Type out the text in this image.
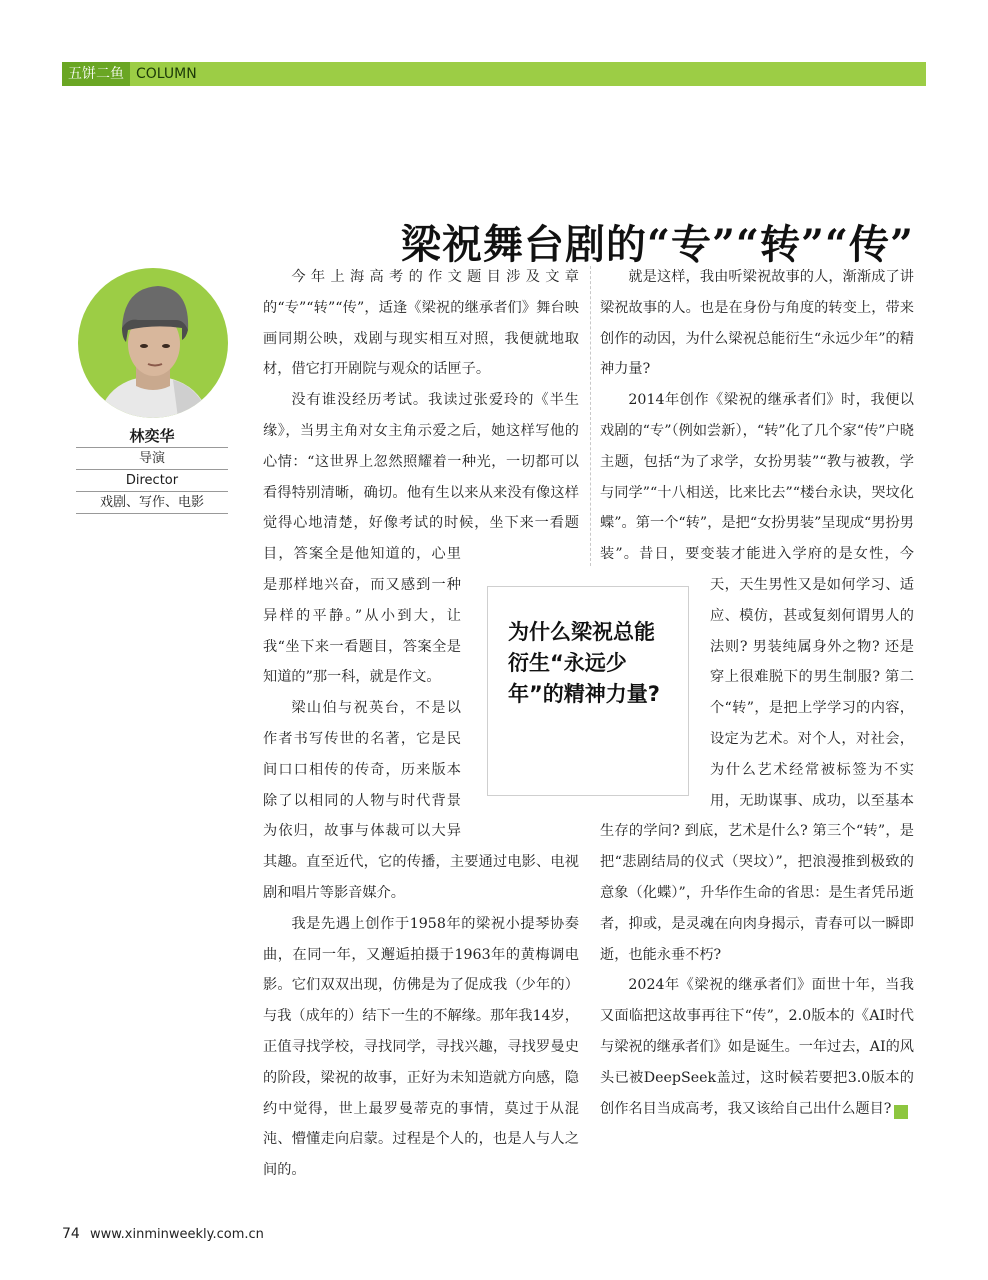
五饼二鱼 COLUMN
梁祝舞台剧的“专”“转”“传”
林奕华
导演
Director
戏剧、写作、电影

今年上海高考的作文题目涉及文章的“专”“转”“传”，适逢《梁祝的继承者们》舞台映画同期公映，戏剧与现实相互对照，我便就地取材，借它打开剧院与观众的话匣子。

没有谁没经历考试。我读过张爱玲的《半生缘》，当男主角对女主角示爱之后，她这样写他的心情：“这世界上忽然照耀着一种光，一切都可以看得特别清晰，确切。他有生以来从来没有像这样觉得心地清楚，好像考试的时候，坐下来一看题目，答案全是他知道的，心里是那样地兴奋，而又感到一种异样的平静。”从小到大，让我“坐下来一看题目，答案全是知道的”那一科，就是作文。

梁山伯与祝英台，不是以作者书写传世的名著，它是民间口口相传的传奇，历来版本除了以相同的人物与时代背景为依归，故事与体裁可以大异其趣。直至近代，它的传播，主要通过电影、电视剧和唱片等影音媒介。

我是先遇上创作于1958年的梁祝小提琴协奏曲，在同一年，又邂逅拍摄于1963年的黄梅调电影。它们双双出现，仿佛是为了促成我（少年的）与我（成年的）结下一生的不解缘。那年我14岁，正值寻找学校，寻找同学，寻找兴趣，寻找罗曼史的阶段，梁祝的故事，正好为未知造就方向感，隐约中觉得，世上最罗曼蒂克的事情，莫过于从混沌、懵懂走向启蒙。过程是个人的，也是人与人之间的。

就是这样，我由听梁祝故事的人，渐渐成了讲梁祝故事的人。也是在身份与角度的转变上，带来创作的动因，为什么梁祝总能衍生“永远少年”的精神力量?

2014年创作《梁祝的继承者们》时，我便以戏剧的“专”（例如尝新），“转”化了几个家“传”户晓主题，包括“为了求学，女扮男装”“教与被教，学与同学”“十八相送，比来比去”“楼台永诀，哭坟化蝶”。第一个“转”，是把“女扮男装”呈现成“男扮男装”。昔日，要变装才能进入学府的是女性，今天，天生男性又是如何学习、适应、模仿，甚或复刻何谓男人的法则? 男装纯属身外之物? 还是穿上很难脱下的男生制服? 第二个“转”，是把上学学习的内容，设定为艺术。对个人，对社会，为什么艺术经常被标签为不实用，无助谋事、成功，以至基本生存的学问? 到底，艺术是什么? 第三个“转”，是把“悲剧结局的仪式（哭坟）”，把浪漫推到极致的意象（化蝶）”，升华作生命的省思：是生者凭吊逝者，抑或，是灵魂在向肉身揭示，青春可以一瞬即逝，也能永垂不朽?

2024年《梁祝的继承者们》面世十年，当我又面临把这故事再往下“传”，2.0版本的《AI时代与梁祝的继承者们》如是诞生。一年过去，AI的风头已被DeepSeek盖过，这时候若要把3.0版本的创作名目当成高考，我又该给自己出什么题目?	民

为什么梁祝总能衍生“永远少年”的精神力量?
74 www.xinminweekly.com.cn
